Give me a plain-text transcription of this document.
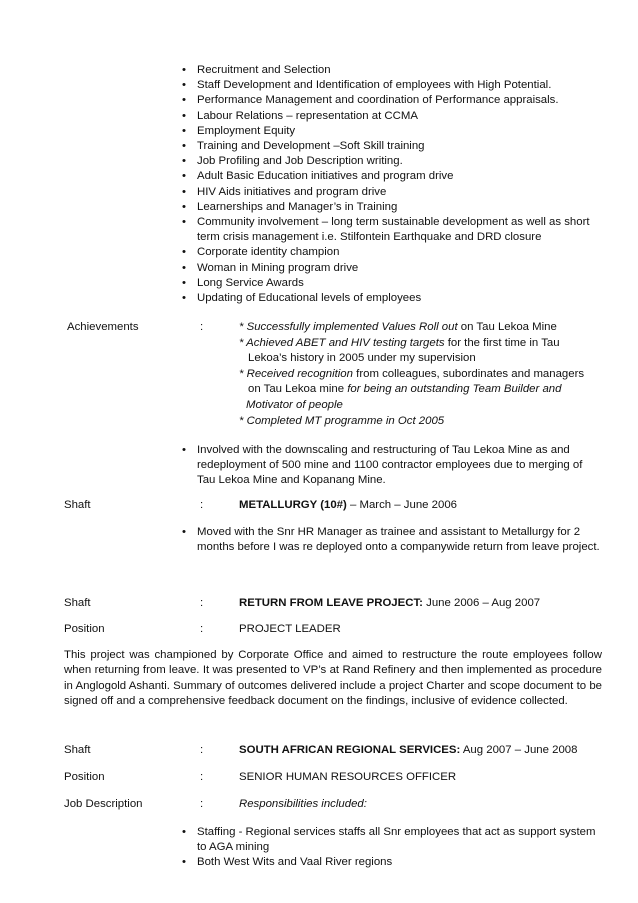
• Recruitment and Selection
• Staff Development and Identification of employees with High Potential.
• Performance Management and coordination of Performance appraisals.
• Labour Relations – representation at CCMA
• Employment Equity
• Training and Development –Soft Skill training
• Job Profiling and Job Description writing.
• Adult Basic Education initiatives and program drive
• HIV Aids initiatives and program drive
• Learnerships and Manager’s in Training
• Community involvement – long term sustainable development as well as short term crisis management i.e. Stilfontein Earthquake and DRD closure
• Corporate identity champion
• Woman in Mining program drive
• Long Service Awards
• Updating of Educational levels of employees
Achievements	:	* Successfully implemented Values Roll out on Tau Lekoa Mine
* Achieved ABET and HIV testing targets for the first time in Tau
Lekoa’s history in 2005 under my supervision
* Received recognition from colleagues, subordinates and managers
on Tau Lekoa mine for being an outstanding Team Builder and
Motivator of people
* Completed MT programme in Oct 2005
• Involved with the downscaling and restructuring of Tau Lekoa Mine as and redeployment of 500 mine and 1100 contractor employees due to merging of Tau Lekoa Mine and Kopanang Mine.
Shaft	:	METALLURGY (10#) – March – June 2006
• Moved with the Snr HR Manager as trainee and assistant to Metallurgy for 2 months before I was re deployed onto a companywide return from leave project.
Shaft	:	RETURN FROM LEAVE PROJECT: June 2006 – Aug 2007
Position	:	PROJECT LEADER
This project was championed by Corporate Office and aimed to restructure the route employees follow when returning from leave. It was presented to VP’s at Rand Refinery and then implemented as procedure in Anglogold Ashanti. Summary of outcomes delivered include a project Charter and scope document to be signed off and a comprehensive feedback document on the findings, inclusive of evidence collected.
Shaft	:	SOUTH AFRICAN REGIONAL SERVICES: Aug 2007 – June 2008
Position	:	SENIOR HUMAN RESOURCES OFFICER
Job Description	:	Responsibilities included:
• Staffing - Regional services staffs all Snr employees that act as support system to AGA mining
• Both West Wits and Vaal River regions
